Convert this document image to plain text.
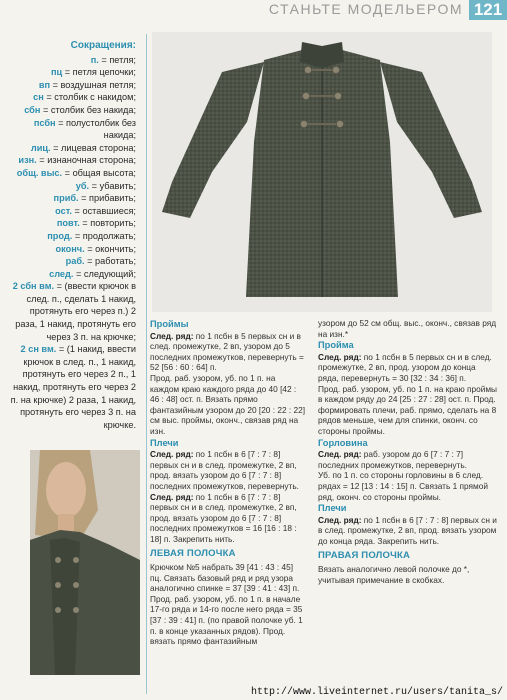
СТАНЬТЕ МОДЕЛЬЕРОМ 121
Сокращения:
п. = петля;
пц = петля цепочки;
вп = воздушная петля;
сн = столбик с накидом;
сбн = столбик без накида;
псбн = полустолбик без накида;
лиц. = лицевая сторона;
изн. = изнаночная сторона;
общ. выс. = общая высота;
уб. = убавить;
приб. = прибавить;
ост. = оставшиеся;
повт. = повторить;
прод. = продолжать;
оконч. = окончить;
раб. = работать;
след. = следующий;
2 сбн вм. = (ввести крючок в след. п., сделать 1 накид, протянуть его через п.) 2 раза, 1 накид, протянуть его через 3 п. на крючке;
2 сн вм. = (1 накид, ввести крючок в след. п., 1 накид, протянуть его через 2 п., 1 накид, протянуть его через 2 п. на крючке) 2 раза, 1 накид, протянуть его через 3 п. на крючке.
Проймы

След. ряд: по 1 псбн в 5 первых сн и в след. промежутке, 2 вп, узором до 5 последних промежутков, перевернуть = 52 [56 : 60 : 64] п.

Прод. раб. узором, уб. по 1 п. на каждом краю каждого ряда до 40 [42 : 46 : 48] ост. п. Вязать прямо фантазийным узором до 20 [20 : 22 : 22] см выс. проймы, оконч., связав ряд на изн.

Плечи

След. ряд: по 1 псбн в 6 [7 : 7 : 8] первых сн и в след. промежутке, 2 вп, прод. вязать узором до 6 [7 : 7 : 8] последних промежутков, перевернуть.

След. ряд: по 1 псбн в 6 [7 : 7 : 8] первых сн и в след. промежутке, 2 вп, прод. вязать узором до 6 [7 : 7 : 8] последних промежутков = 16 [16 : 18 : 18] п. Закрепить нить.

ЛЕВАЯ ПОЛОЧКА

Крючком №5 набрать 39 [41 : 43 : 45] пц. Связать базовый ряд и ряд узора аналогично спинке = 37 [39 : 41 : 43] п. Прод. раб. узором, уб. по 1 п. в начале 17-го ряда и 14-го после него ряда = 35 [37 : 39 : 41] п. (по правой полочке уб. 1 п. в конце указанных рядов). Прод. вязать прямо фантазийным

узором до 52 см общ. выс., оконч., связав ряд на изн.*

Пройма

След. ряд: по 1 псбн в 5 первых сн и в след. промежутке, 2 вп, прод. узором до конца ряда, перевернуть = 30 [32 : 34 : 36] п.

Прод. раб. узором, уб. по 1 п. на краю проймы в каждом ряду до 24 [25 : 27 : 28] ост. п. Прод. формировать плечи, раб. прямо, сделать на 8 рядов меньше, чем для спинки, оконч. со стороны проймы.

Горловина

След. ряд: раб. узором до 6 [7 : 7 : 7] последних промежутков, перевернуть.

Уб. по 1 п. со стороны горловины в 6 след. рядах = 12 [13 : 14 : 15] п. Связать 1 прямой ряд, оконч. со стороны проймы.

Плечи

След. ряд: по 1 псбн в 6 [7 : 7 : 8] первых сн и в след. промежутке, 2 вп, прод. вязать узором до конца ряда. Закрепить нить.

ПРАВАЯ ПОЛОЧКА

Вязать аналогично левой полочке до *, учитывая примечание в скобках.

http://www.liveinternet.ru/users/tanita_s/
